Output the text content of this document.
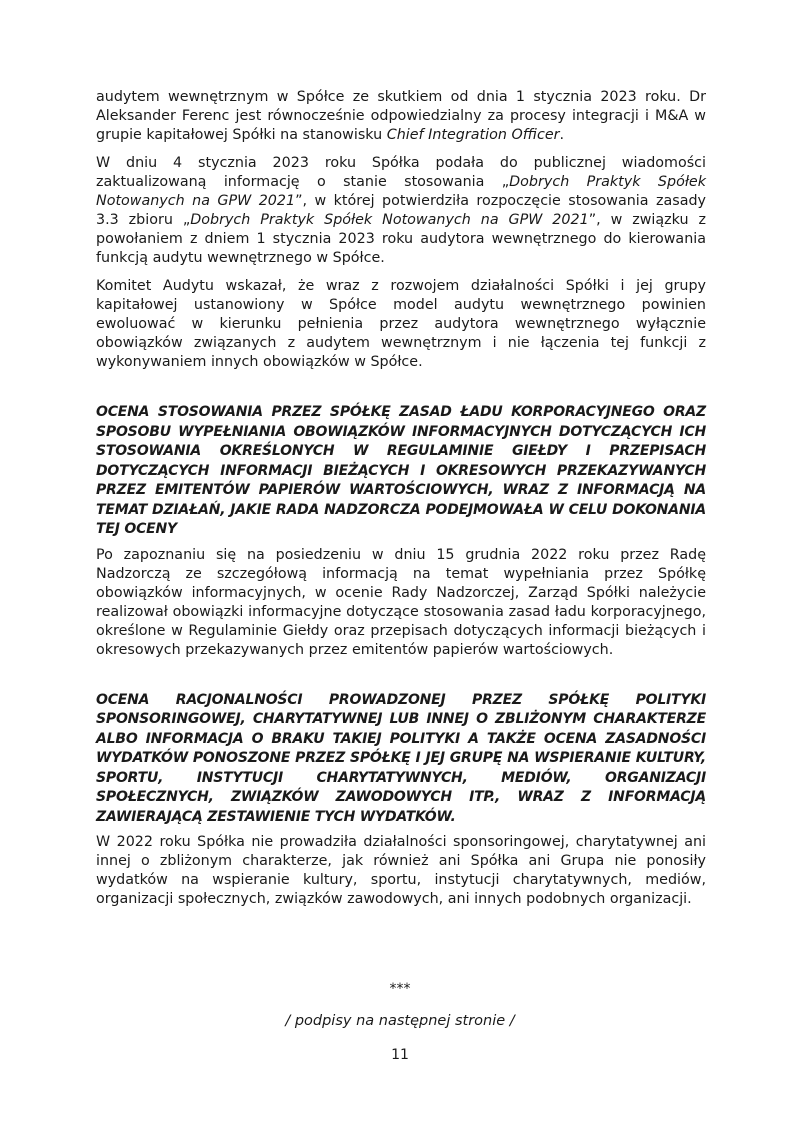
audytem wewnętrznym w Spółce ze skutkiem od dnia 1 stycznia 2023 roku. Dr Aleksander Ferenc jest równocześnie odpowiedzialny za procesy integracji i M&A w grupie kapitałowej Spółki na stanowisku Chief Integration Officer.

W dniu 4 stycznia 2023 roku Spółka podała do publicznej wiadomości zaktualizowaną informację o stanie stosowania „Dobrych Praktyk Spółek Notowanych na GPW 2021”, w której potwierdziła rozpoczęcie stosowania zasady 3.3 zbioru „Dobrych Praktyk Spółek Notowanych na GPW 2021”, w związku z powołaniem z dniem 1 stycznia 2023 roku audytora wewnętrznego do kierowania funkcją audytu wewnętrznego w Spółce.

Komitet Audytu wskazał, że wraz z rozwojem działalności Spółki i jej grupy kapitałowej ustanowiony w Spółce model audytu wewnętrznego powinien ewoluować w kierunku pełnienia przez audytora wewnętrznego wyłącznie obowiązków związanych z audytem wewnętrznym i nie łączenia tej funkcji z wykonywaniem innych obowiązków w Spółce.

OCENA STOSOWANIA PRZEZ SPÓŁKĘ ZASAD ŁADU KORPORACYJNEGO ORAZ SPOSOBU WYPEŁNIANIA OBOWIĄZKÓW INFORMACYJNYCH DOTYCZĄCYCH ICH STOSOWANIA OKREŚLONYCH W REGULAMINIE GIEŁDY I PRZEPISACH DOTYCZĄCYCH INFORMACJI BIEŻĄCYCH I OKRESOWYCH PRZEKAZYWANYCH PRZEZ EMITENTÓW PAPIERÓW WARTOŚCIOWYCH, WRAZ Z INFORMACJĄ NA TEMAT DZIAŁAŃ, JAKIE RADA NADZORCZA PODEJMOWAŁA W CELU DOKONANIA TEJ OCENY

Po zapoznaniu się na posiedzeniu w dniu 15 grudnia 2022 roku przez Radę Nadzorczą ze szczegółową informacją na temat wypełniania przez Spółkę obowiązków informacyjnych, w ocenie Rady Nadzorczej, Zarząd Spółki należycie realizował obowiązki informacyjne dotyczące stosowania zasad ładu korporacyjnego, określone w Regulaminie Giełdy oraz przepisach dotyczących informacji bieżących i okresowych przekazywanych przez emitentów papierów wartościowych.

OCENA RACJONALNOŚCI PROWADZONEJ PRZEZ SPÓŁKĘ POLITYKI SPONSORINGOWEJ, CHARYTATYWNEJ LUB INNEJ O ZBLIŻONYM CHARAKTERZE ALBO INFORMACJA O BRAKU TAKIEJ POLITYKI A TAKŻE OCENA ZASADNOŚCI WYDATKÓW PONOSZONE PRZEZ SPÓŁKĘ I JEJ GRUPĘ NA WSPIERANIE KULTURY, SPORTU, INSTYTUCJI CHARYTATYWNYCH, MEDIÓW, ORGANIZACJI SPOŁECZNYCH, ZWIĄZKÓW ZAWODOWYCH ITP., WRAZ Z INFORMACJĄ ZAWIERAJĄCĄ ZESTAWIENIE TYCH WYDATKÓW.

W 2022 roku Spółka nie prowadziła działalności sponsoringowej, charytatywnej ani innej o zbliżonym charakterze, jak również ani Spółka ani Grupa nie ponosiły wydatków na wspieranie kultury, sportu, instytucji charytatywnych, mediów, organizacji społecznych, związków zawodowych, ani innych podobnych organizacji.

***
/ podpisy na następnej stronie /
11
